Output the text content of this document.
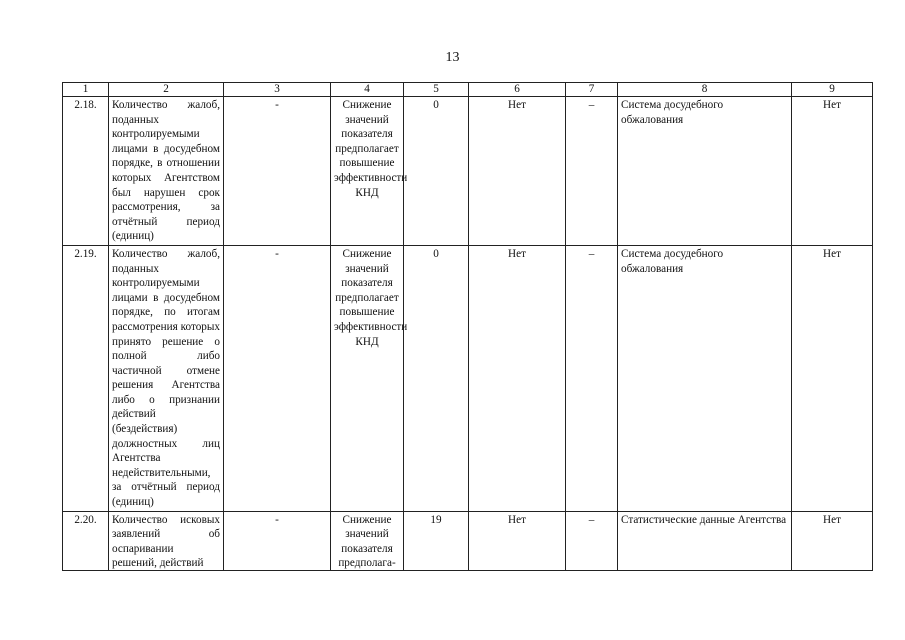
13
1	2	3	4	5	6	7	8	9
2.18.	Количество жалоб, поданных контролируемыми лицами в досудебном порядке, в отношении которых Агентством был нарушен срок рассмотрения, за отчётный период (единиц)	-	Снижение значений показателя предполагает повышение эффективности КНД	0	Нет	–	Система досудебного обжалования	Нет
2.19.	Количество жалоб, поданных контролируемыми лицами в досудебном порядке, по итогам рассмотрения которых принято решение о полной либо частичной отмене решения Агентства либо о признании действий (бездействия) должностных лиц Агентства недействительными, за отчётный период (единиц)	-	Снижение значений показателя предполагает повышение эффективности КНД	0	Нет	–	Система досудебного обжалования	Нет

2.20.	Количество исковых заявлений об оспаривании решений, действий	-	Снижение значений показателя предполага-	19	Нет	–	Статистические данные Агентства	Нет
